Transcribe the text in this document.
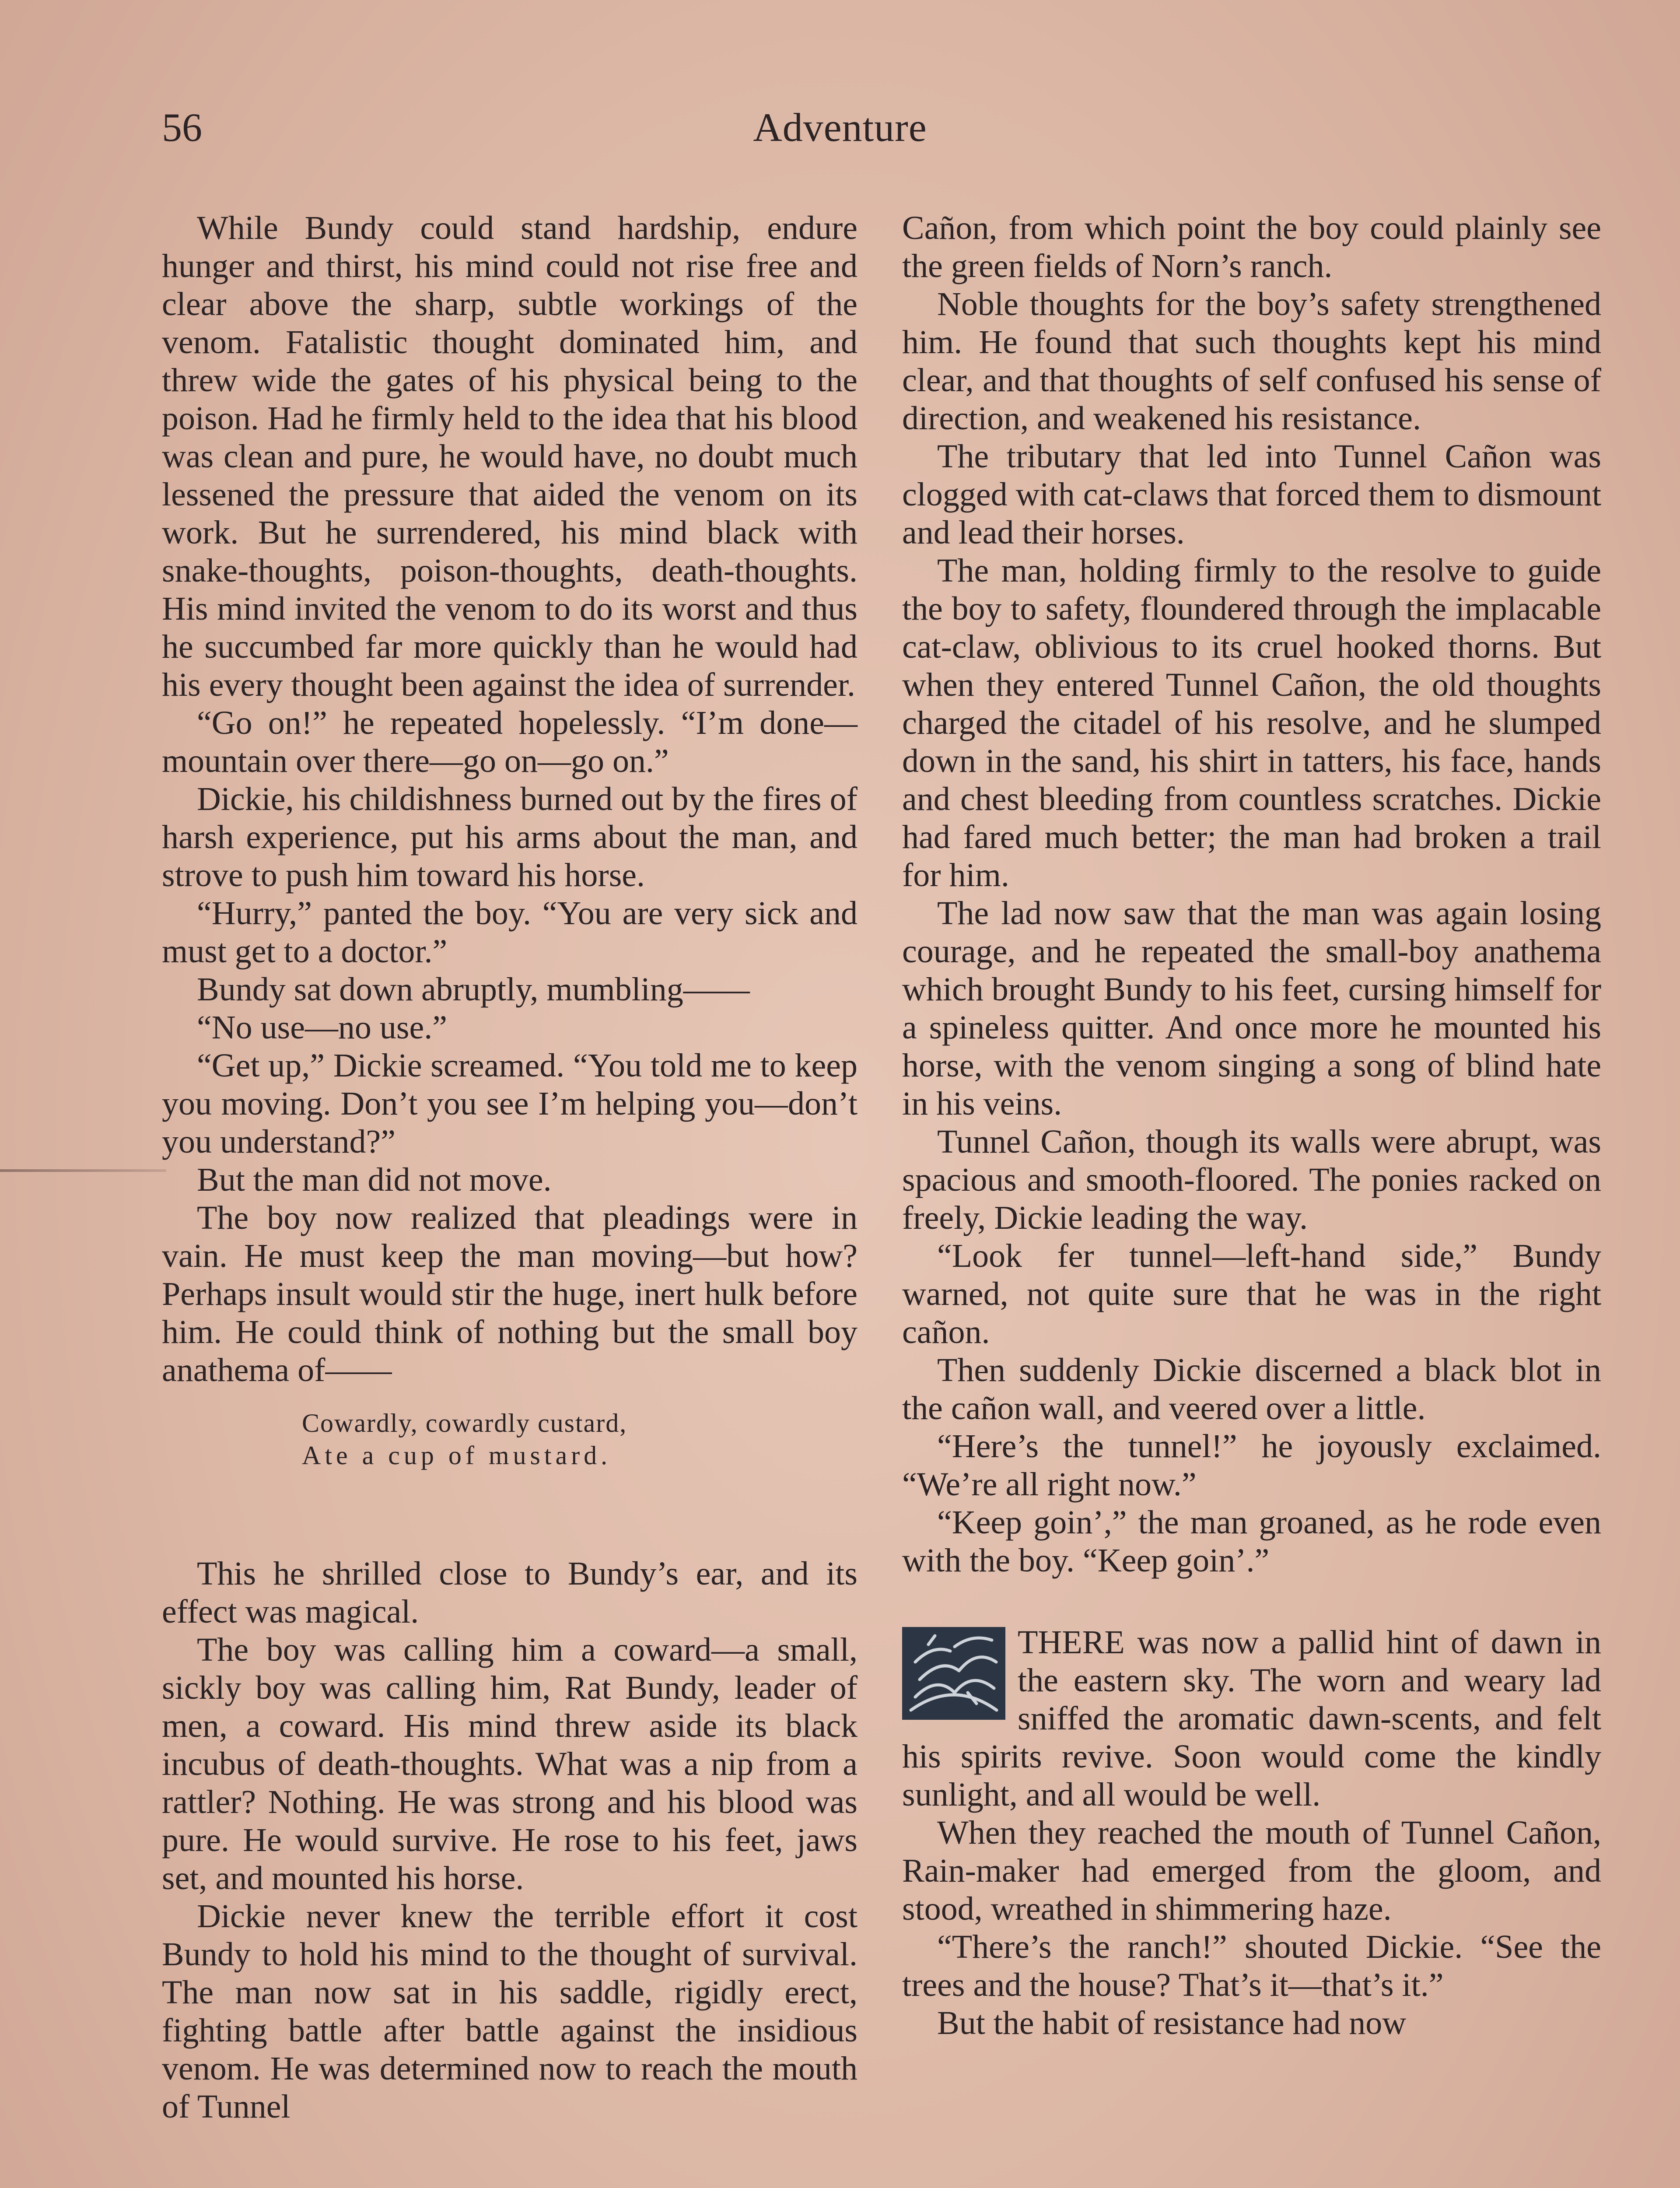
56	Adventure

While Bundy could stand hardship, endure hunger and thirst, his mind could not rise free and clear above the sharp, subtle workings of the venom. Fatalistic thought dominated him, and threw wide the gates of his physical being to the poison. Had he firmly held to the idea that his blood was clean and pure, he would have, no doubt much lessened the pressure that aided the venom on its work. But he surrendered, his mind black with snake-thoughts, poison-thoughts, death-thoughts. His mind invited the venom to do its worst and thus he succumbed far more quickly than he would had his every thought been against the idea of surrender.

“Go on!” he repeated hopelessly. “I’m done—mountain over there—go on—go on.”

Dickie, his childishness burned out by the fires of harsh experience, put his arms about the man, and strove to push him toward his horse.

“Hurry,” panted the boy. “You are very sick and must get to a doctor.”

Bundy sat down abruptly, mumbling——

“No use—no use.”

“Get up,” Dickie screamed. “You told me to keep you moving. Don’t you see I’m helping you—don’t you understand?”

But the man did not move.

The boy now realized that pleadings were in vain. He must keep the man moving—but how? Perhaps insult would stir the huge, inert hulk before him. He could think of nothing but the small boy anathema of——

Cowardly, cowardly custard,
Ate a cup of mustard.

This he shrilled close to Bundy’s ear, and its effect was magical.

The boy was calling him a coward—a small, sickly boy was calling him, Rat Bundy, leader of men, a coward. His mind threw aside its black incubus of death-thoughts. What was a nip from a rattler? Nothing. He was strong and his blood was pure. He would survive. He rose to his feet, jaws set, and mounted his horse.

Dickie never knew the terrible effort it cost Bundy to hold his mind to the thought of survival. The man now sat in his saddle, rigidly erect, fighting battle after battle against the insidious venom. He was determined now to reach the mouth of Tunnel

Cañon, from which point the boy could plainly see the green fields of Norn’s ranch.

Noble thoughts for the boy’s safety strengthened him. He found that such thoughts kept his mind clear, and that thoughts of self confused his sense of direction, and weakened his resistance.

The tributary that led into Tunnel Cañon was clogged with cat-claws that forced them to dismount and lead their horses.

The man, holding firmly to the resolve to guide the boy to safety, floundered through the implacable cat-claw, oblivious to its cruel hooked thorns. But when they entered Tunnel Cañon, the old thoughts charged the citadel of his resolve, and he slumped down in the sand, his shirt in tatters, his face, hands and chest bleeding from countless scratches. Dickie had fared much better; the man had broken a trail for him.

The lad now saw that the man was again losing courage, and he repeated the small-boy anathema which brought Bundy to his feet, cursing himself for a spineless quitter. And once more he mounted his horse, with the venom singing a song of blind hate in his veins.

Tunnel Cañon, though its walls were abrupt, was spacious and smooth-floored. The ponies racked on freely, Dickie leading the way.

“Look fer tunnel—left-hand side,” Bundy warned, not quite sure that he was in the right cañon.

Then suddenly Dickie discerned a black blot in the cañon wall, and veered over a little.

“Here’s the tunnel!” he joyously exclaimed. “We’re all right now.”

“Keep goin’,” the man groaned, as he rode even with the boy. “Keep goin’.”

THERE was now a pallid hint of dawn in the eastern sky. The worn and weary lad sniffed the aromatic dawn-scents, and felt his spirits revive. Soon would come the kindly sunlight, and all would be well.

When they reached the mouth of Tunnel Cañon, Rain-maker had emerged from the gloom, and stood, wreathed in shimmering haze.

“There’s the ranch!” shouted Dickie. “See the trees and the house? That’s it—that’s it.”

But the habit of resistance had now
